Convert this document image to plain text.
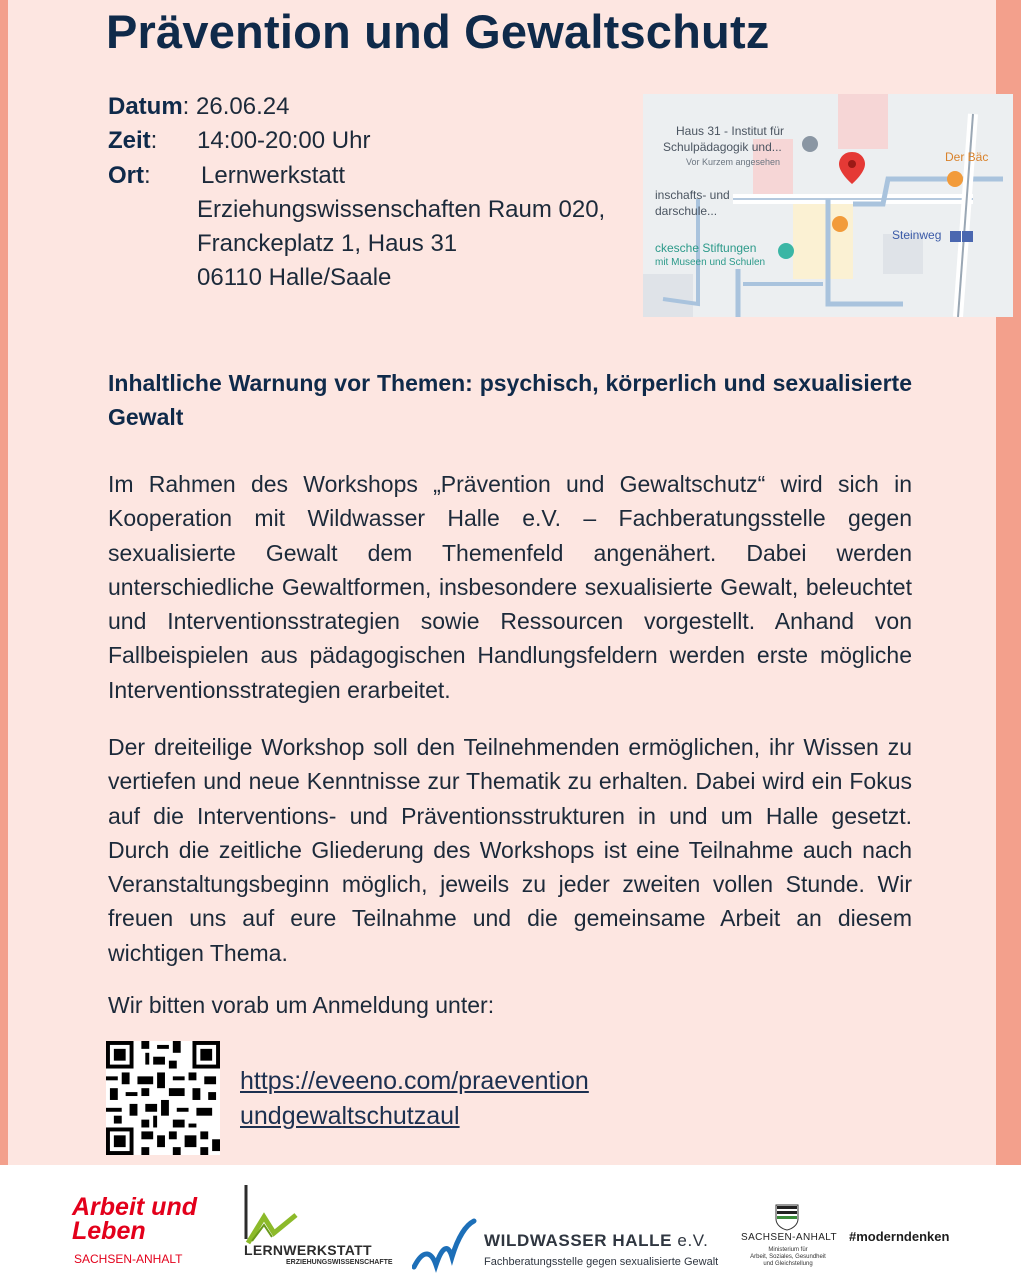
Prävention und Gewaltschutz
Datum: 26.06.24
Zeit: 14:00-20:00 Uhr
Ort: Lernwerkstatt
Erziehungswissenschaften Raum 020,
Franckeplatz 1, Haus 31
06110 Halle/Saale
Haus 31 - Institut für
Schulpädagogik und...
Vor Kurzem angesehen
inschafts- und
darschule...
ckesche Stiftungen
mit Museen und Schulen
Der Bäc
Steinweg
Inhaltliche Warnung vor Themen: psychisch, körperlich und sexualisierte Gewalt
Im Rahmen des Workshops „Prävention und Gewaltschutz“ wird sich in Kooperation mit Wildwasser Halle e.V. – Fachberatungsstelle gegen sexualisierte Gewalt dem Themenfeld angenähert. Dabei werden unterschiedliche Gewaltformen, insbesondere sexualisierte Gewalt, beleuchtet und Interventionsstrategien sowie Ressourcen vorgestellt. Anhand von Fallbeispielen aus pädagogischen Handlungsfeldern werden erste mögliche Interventionsstrategien erarbeitet.
Der dreiteilige Workshop soll den Teilnehmenden ermöglichen, ihr Wissen zu vertiefen und neue Kenntnisse zur Thematik zu erhalten. Dabei wird ein Fokus auf die Interventions- und Präventionsstrukturen in und um Halle gesetzt. Durch die zeitliche Gliederung des Workshops ist eine Teilnahme auch nach Veranstaltungsbeginn möglich, jeweils zu jeder zweiten vollen Stunde. Wir freuen uns auf eure Teilnahme und die gemeinsame Arbeit an diesem wichtigen Thema.
Wir bitten vorab um Anmeldung unter:
https://eveeno.com/praevention
undgewaltschutzaul
Arbeit und
Leben
SACHSEN-ANHALT
LERNWERKSTATT
ERZIEHUNGSWISSENSCHAFTE
WILDWASSER HALLE e.V.
Fachberatungsstelle gegen sexualisierte Gewalt
SACHSEN-ANHALT
Ministerium für
Arbeit, Soziales, Gesundheit
und Gleichstellung
#moderndenken
